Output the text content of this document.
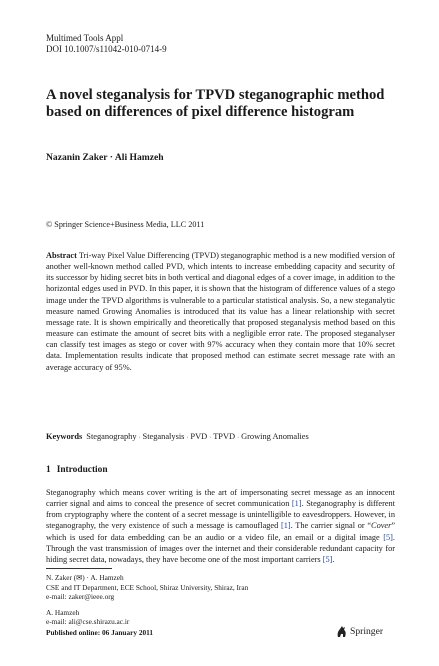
Multimed Tools Appl
DOI 10.1007/s11042-010-0714-9
A novel steganalysis for TPVD steganographic method based on differences of pixel difference histogram
Nazanin Zaker · Ali Hamzeh
© Springer Science+Business Media, LLC 2011
Abstract Tri-way Pixel Value Differencing (TPVD) steganographic method is a new modified version of another well-known method called PVD, which intents to increase embedding capacity and security of its successor by hiding secret bits in both vertical and diagonal edges of a cover image, in addition to the horizontal edges used in PVD. In this paper, it is shown that the histogram of difference values of a stego image under the TPVD algorithms is vulnerable to a particular statistical analysis. So, a new steganalytic measure named Growing Anomalies is introduced that its value has a linear relationship with secret message rate. It is shown empirically and theoretically that proposed steganalysis method based on this measure can estimate the amount of secret bits with a negligible error rate. The proposed steganalyser can classify test images as stego or cover with 97% accuracy when they contain more that 10% secret data. Implementation results indicate that proposed method can estimate secret message rate with an average accuracy of 95%.
Keywords Steganography · Steganalysis · PVD · TPVD · Growing Anomalies
1 Introduction
Steganography which means cover writing is the art of impersonating secret message as an innocent carrier signal and aims to conceal the presence of secret communication [1]. Steganography is different from cryptography where the content of a secret message is unintelligible to eavesdroppers. However, in steganography, the very existence of such a message is camouflaged [1]. The carrier signal or “Cover” which is used for data embedding can be an audio or a video file, an email or a digital image [5]. Through the vast transmission of images over the internet and their considerable redundant capacity for hiding secret data, nowadays, they have become one of the most important carriers [5].
N. Zaker (✉) · A. Hamzeh
CSE and IT Department, ECE School, Shiraz University, Shiraz, Iran
e-mail: zaker@ieee.org
A. Hamzeh
e-mail: ali@cse.shirazu.ac.ir
Published online: 06 January 2011	Springer
